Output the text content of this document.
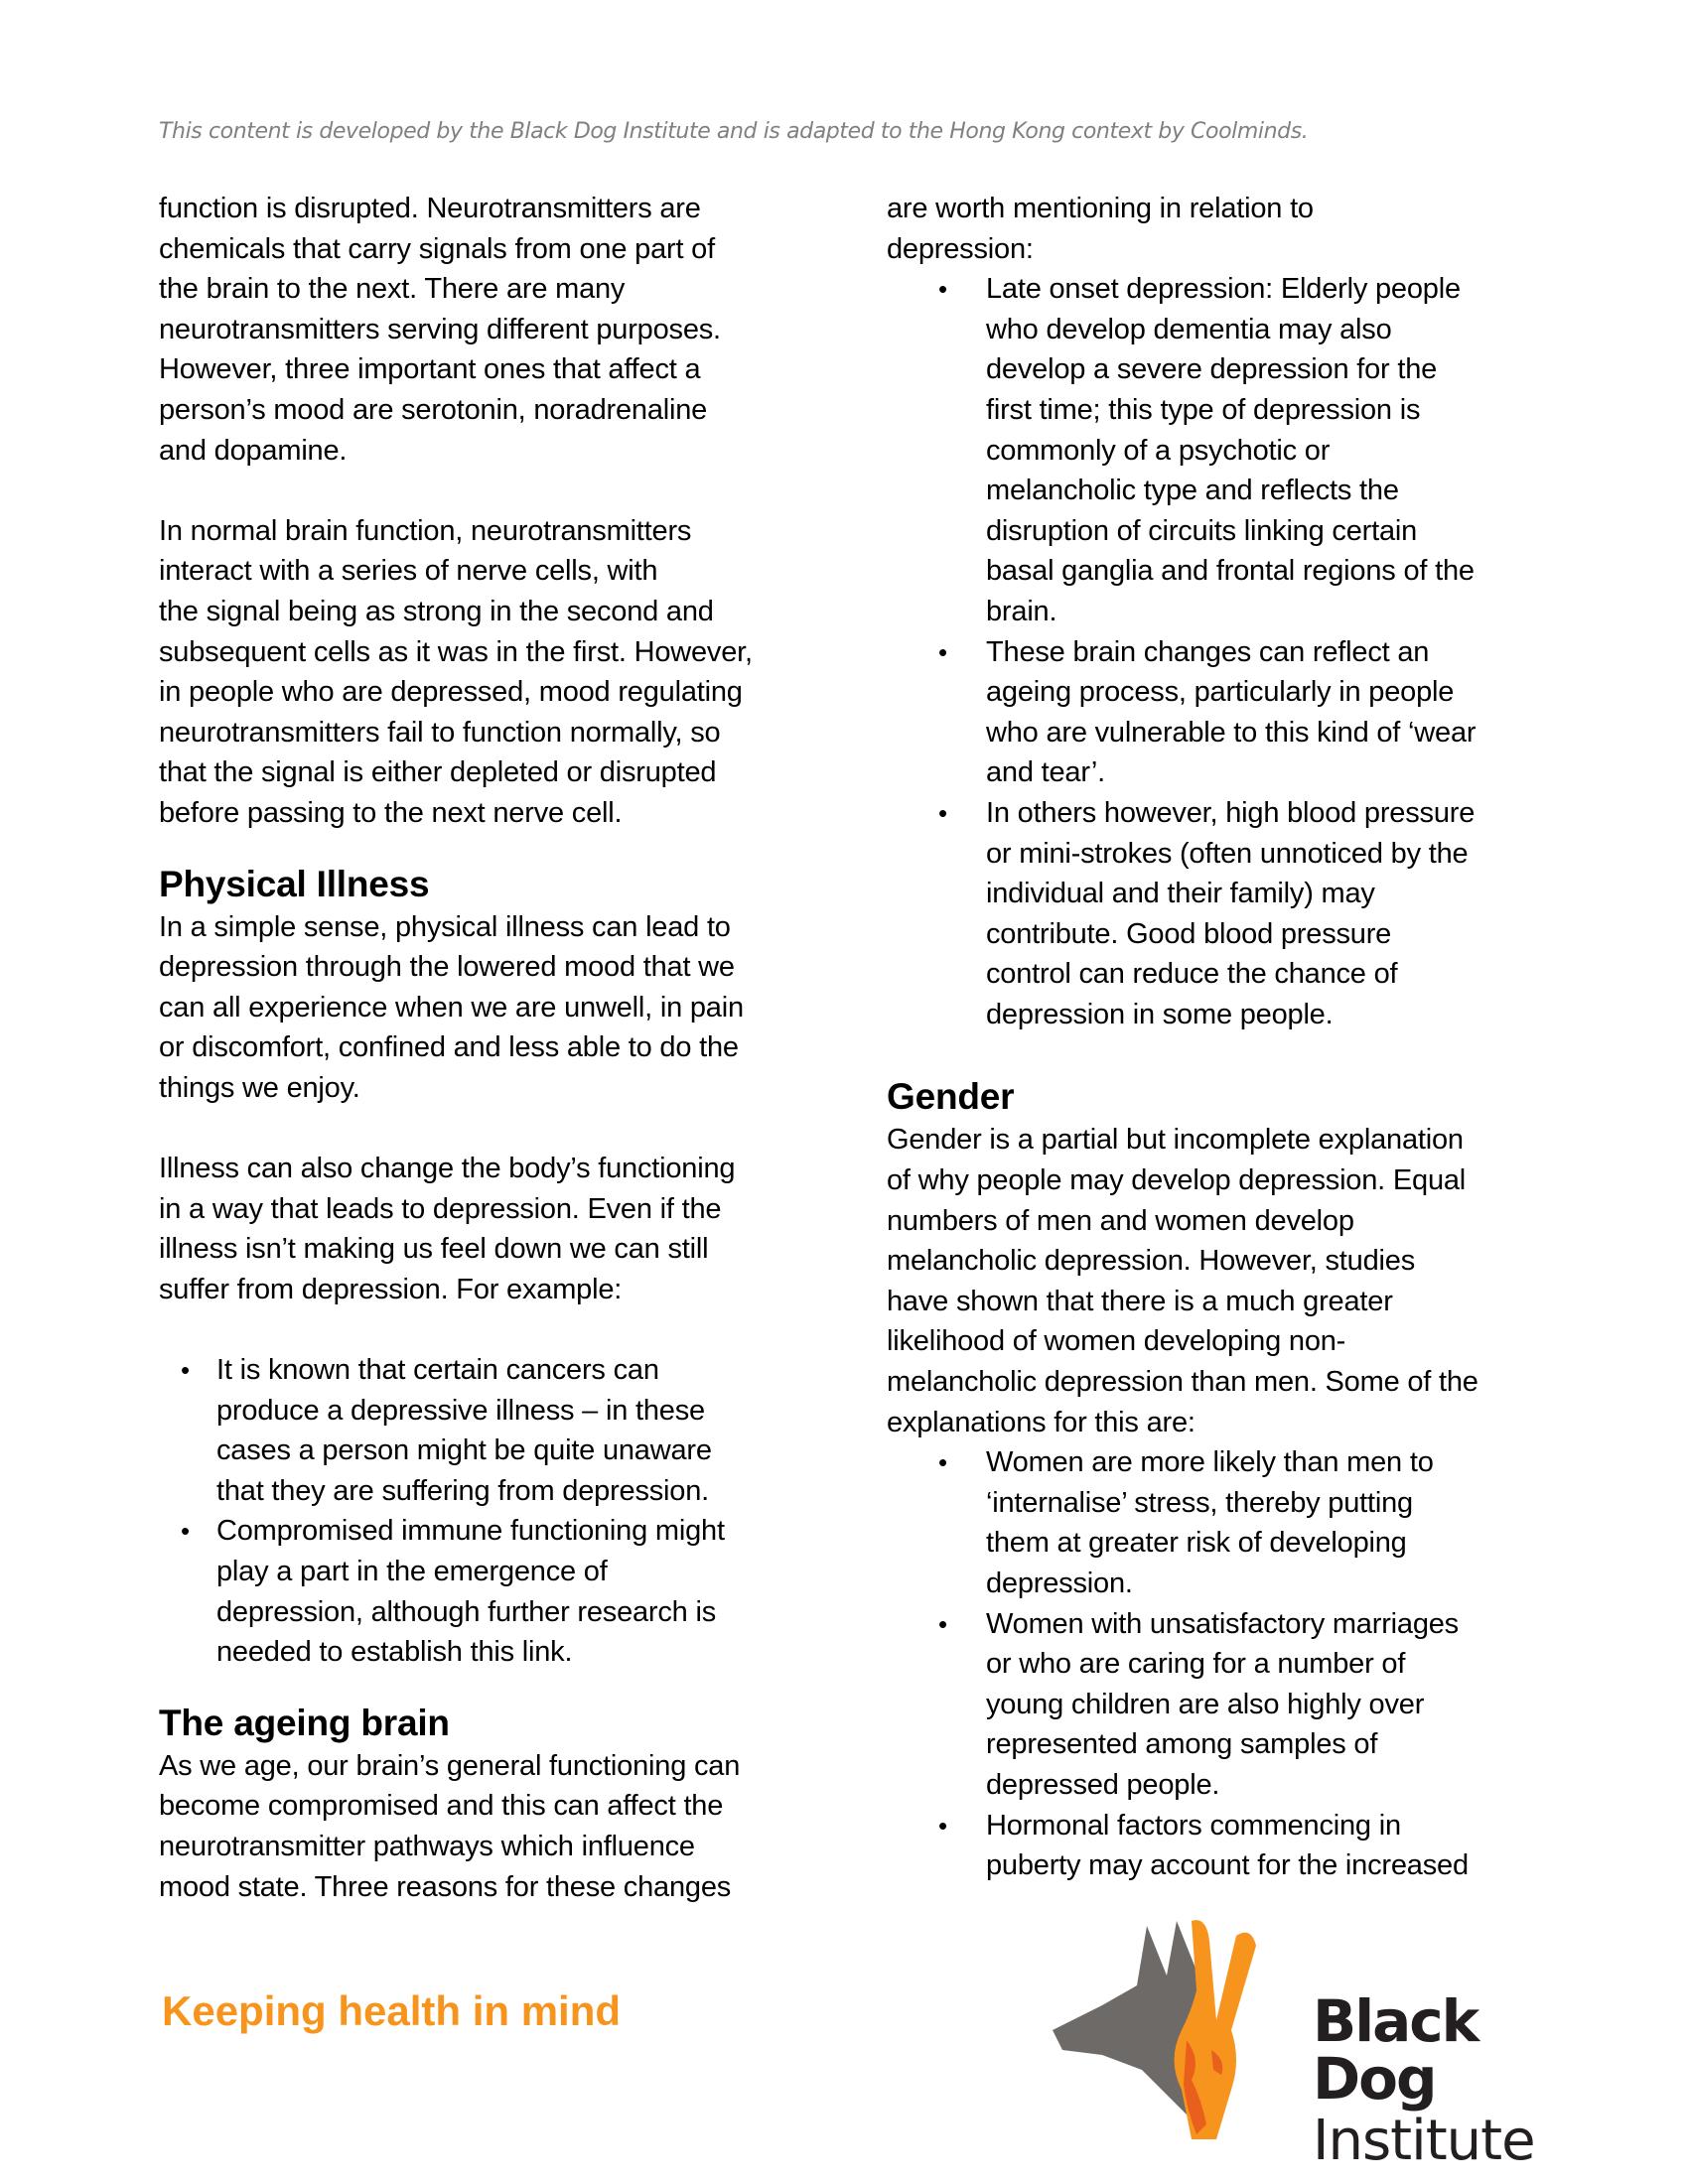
This content is developed by the Black Dog Institute and is adapted to the Hong Kong context by Coolminds.

function is disrupted. Neurotransmitters are
chemicals that carry signals from one part of
the brain to the next. There are many
neurotransmitters serving different purposes.
However, three important ones that affect a
person’s mood are serotonin, noradrenaline
and dopamine.

In normal brain function, neurotransmitters
interact with a series of nerve cells, with
the signal being as strong in the second and
subsequent cells as it was in the first. However,
in people who are depressed, mood regulating
neurotransmitters fail to function normally, so
that the signal is either depleted or disrupted
before passing to the next nerve cell.

Physical Illness

In a simple sense, physical illness can lead to
depression through the lowered mood that we
can all experience when we are unwell, in pain
or discomfort, confined and less able to do the
things we enjoy.

Illness can also change the body’s functioning
in a way that leads to depression. Even if the
illness isn’t making us feel down we can still
suffer from depression. For example:

• It is known that certain cancers can
produce a depressive illness – in these
cases a person might be quite unaware
that they are suffering from depression.
• Compromised immune functioning might
play a part in the emergence of
depression, although further research is
needed to establish this link.
The ageing brain

As we age, our brain’s general functioning can
become compromised and this can affect the
neurotransmitter pathways which influence
mood state. Three reasons for these changes

are worth mentioning in relation to
depression:

• Late onset depression: Elderly people
who develop dementia may also
develop a severe depression for the
first time; this type of depression is
commonly of a psychotic or
melancholic type and reflects the
disruption of circuits linking certain
basal ganglia and frontal regions of the
brain.
• These brain changes can reflect an
ageing process, particularly in people
who are vulnerable to this kind of ‘wear
and tear’.
• In others however, high blood pressure
or mini-strokes (often unnoticed by the
individual and their family) may
contribute. Good blood pressure
control can reduce the chance of
depression in some people.
Gender

Gender is a partial but incomplete explanation
of why people may develop depression. Equal
numbers of men and women develop
melancholic depression. However, studies
have shown that there is a much greater
likelihood of women developing non-
melancholic depression than men. Some of the
explanations for this are:

• Women are more likely than men to
‘internalise’ stress, thereby putting
them at greater risk of developing
depression.
• Women with unsatisfactory marriages
or who are caring for a number of
young children are also highly over
represented among samples of
depressed people.
• Hormonal factors commencing in
puberty may account for the increased
Keeping health in mind	Black Dog
Institute
